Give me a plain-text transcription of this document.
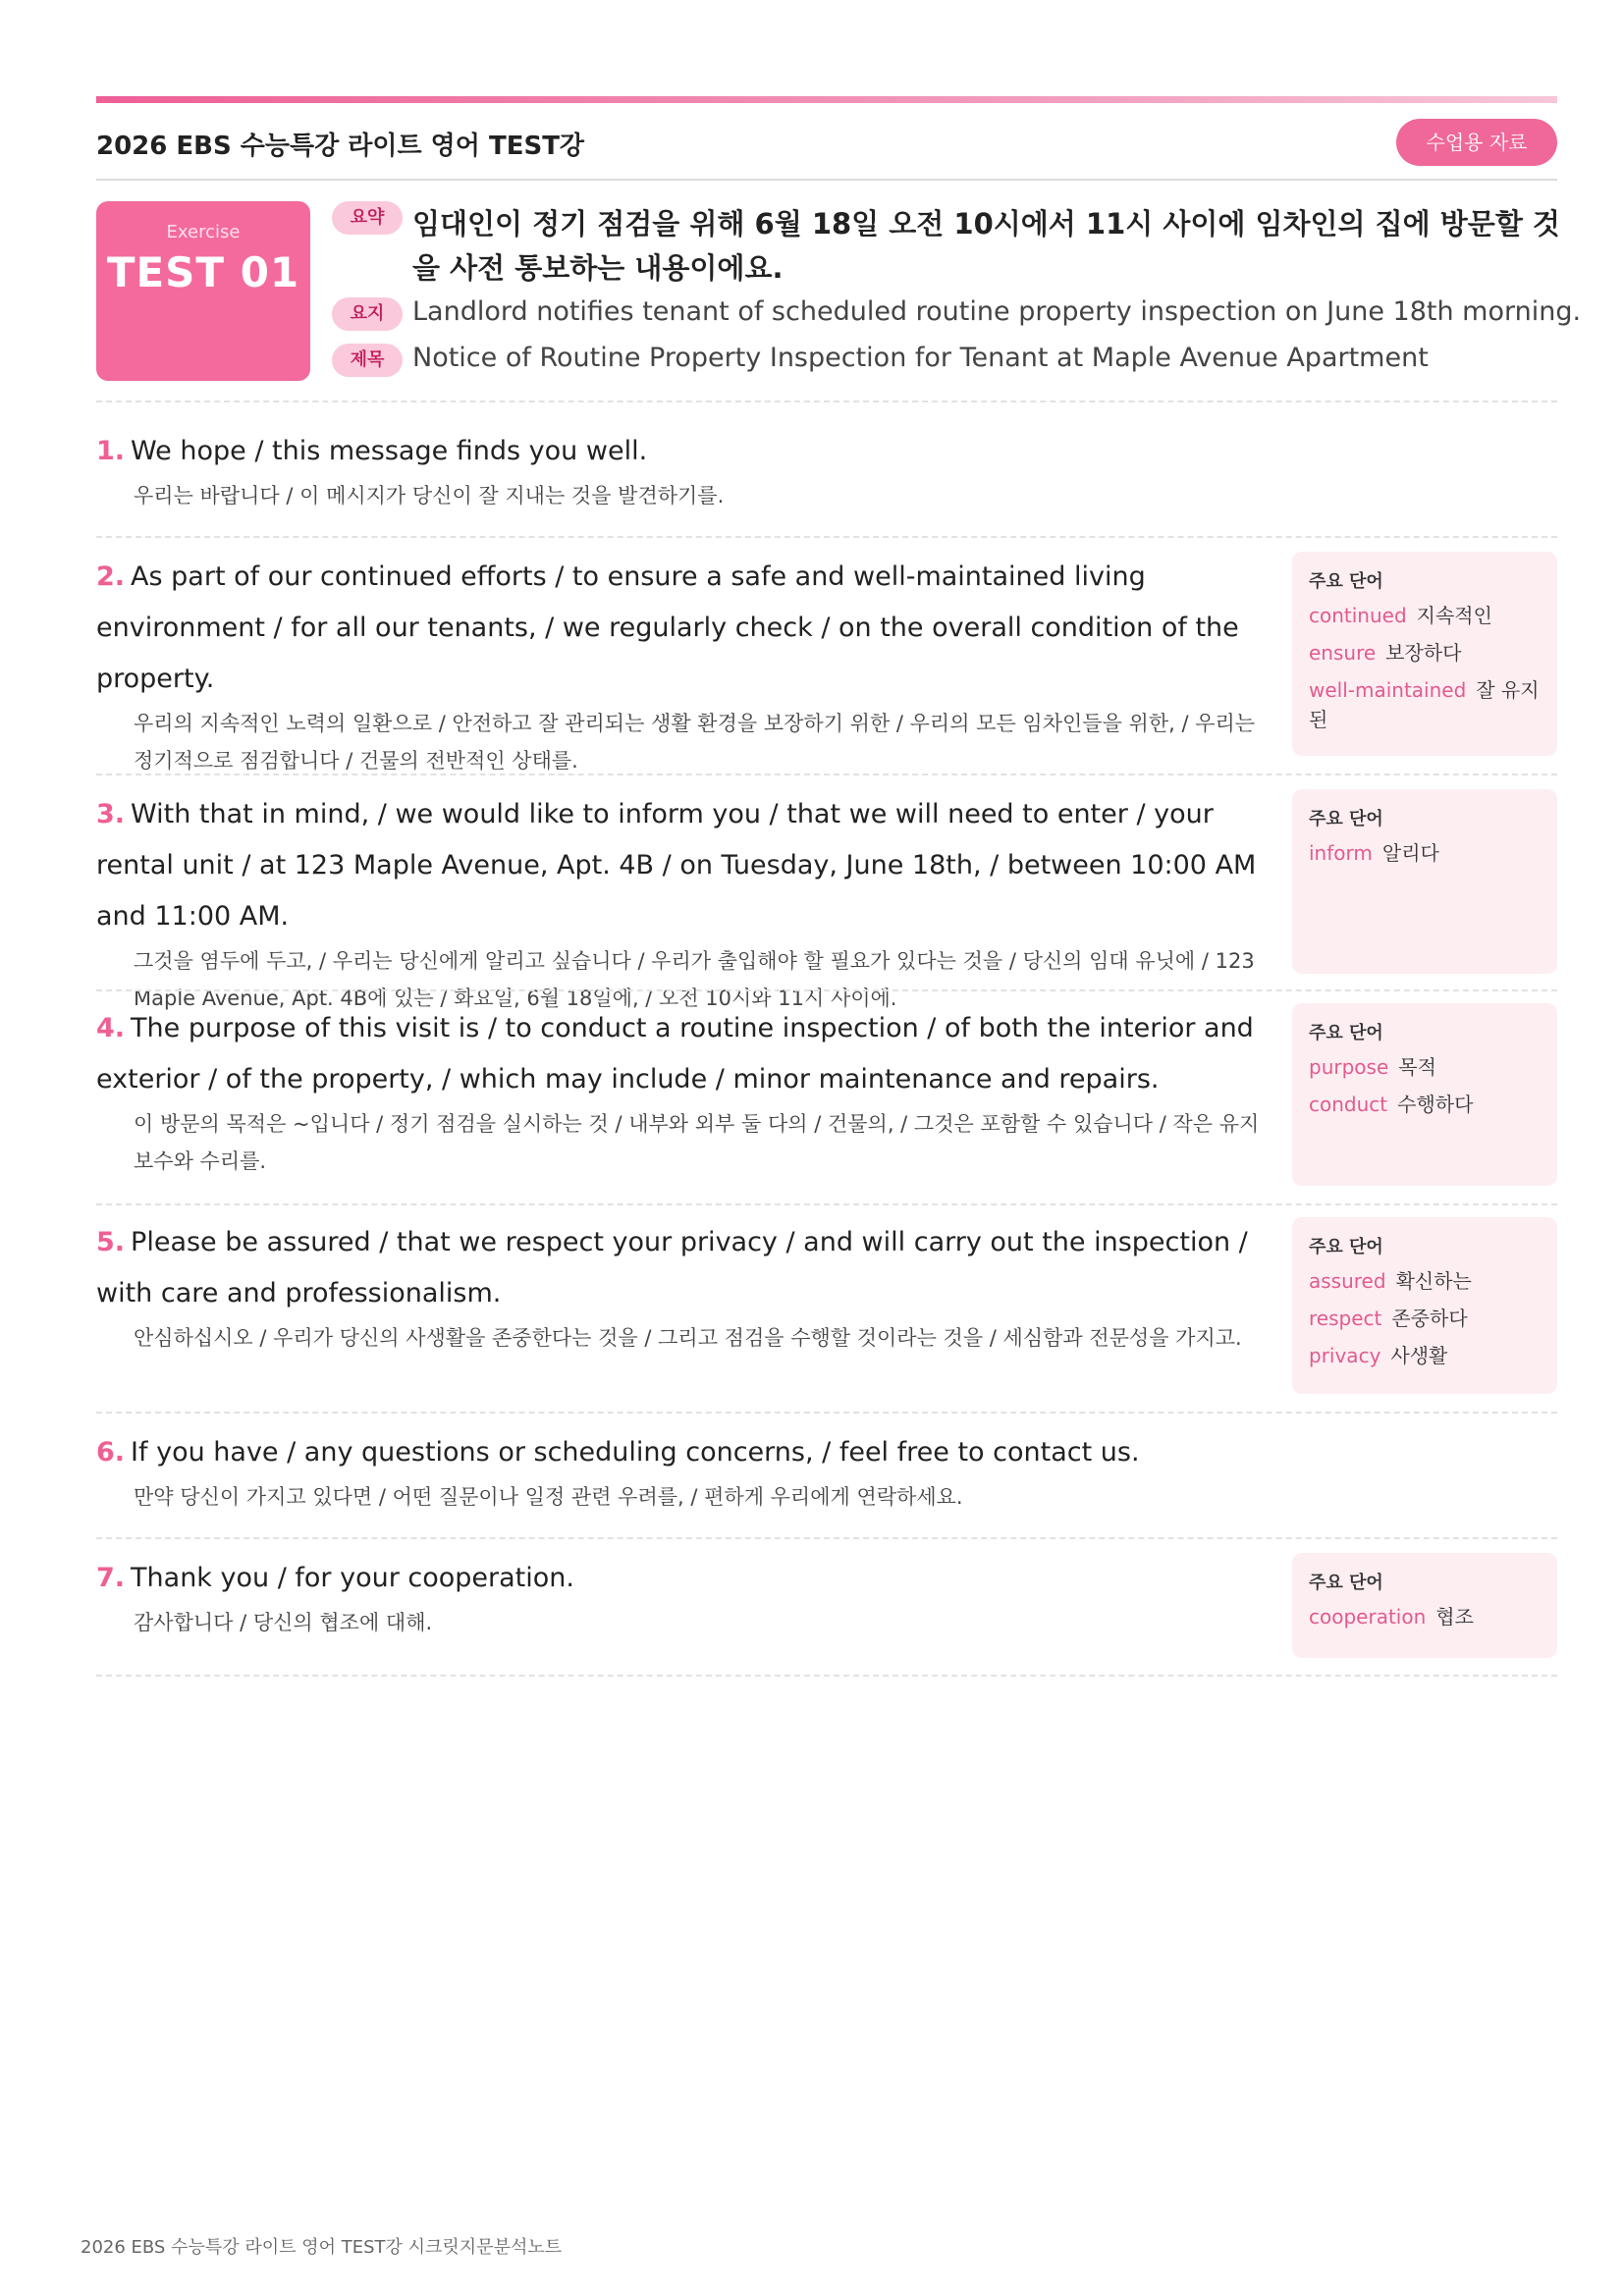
2026 EBS 수능특강 라이트 영어 TEST강	수업용 자료
Exercise
TEST 01
요약 임대인이 정기 점검을 위해 6월 18일 오전 10시에서 11시 사이에 임차인의 집에 방문할 것을 사전 통보하는 내용이에요.
요지	Landlord notifies tenant of scheduled routine property inspection on June 18th morning.
제목	Notice of Routine Property Inspection for Tenant at Maple Avenue Apartment
1. We hope / this message finds you well.
우리는 바랍니다 / 이 메시지가 당신이 잘 지내는 것을 발견하기를.
2. As part of our continued efforts / to ensure a safe and well-maintained living environment / for all our tenants, / we regularly check / on the overall condition of the property.
우리의 지속적인 노력의 일환으로 / 안전하고 잘 관리되는 생활 환경을 보장하기 위한 / 우리의 모든 임차인들을 위한, / 우리는 정기적으로 점검합니다 / 건물의 전반적인 상태를.
주요 단어
continued 지속적인
ensure 보장하다
well-maintained 잘 유지된
3. With that in mind, / we would like to inform you / that we will need to enter / your rental unit / at 123 Maple Avenue, Apt. 4B / on Tuesday, June 18th, / between 10:00 AM and 11:00 AM.
그것을 염두에 두고, / 우리는 당신에게 알리고 싶습니다 / 우리가 출입해야 할 필요가 있다는 것을 / 당신의 임대 유닛에 / 123 Maple Avenue, Apt. 4B에 있는 / 화요일, 6월 18일에, / 오전 10시와 11시 사이에.
주요 단어
inform 알리다
4. The purpose of this visit is / to conduct a routine inspection / of both the interior and exterior / of the property, / which may include / minor maintenance and repairs.
이 방문의 목적은 ~입니다 / 정기 점검을 실시하는 것 / 내부와 외부 둘 다의 / 건물의, / 그것은 포함할 수 있습니다 / 작은 유지보수와 수리를.
주요 단어
purpose 목적
conduct 수행하다
5. Please be assured / that we respect your privacy / and will carry out the inspection / with care and professionalism.
안심하십시오 / 우리가 당신의 사생활을 존중한다는 것을 / 그리고 점검을 수행할 것이라는 것을 / 세심함과 전문성을 가지고.
주요 단어
assured 확신하는
respect 존중하다
privacy 사생활
6. If you have / any questions or scheduling concerns, / feel free to contact us.
만약 당신이 가지고 있다면 / 어떤 질문이나 일정 관련 우려를, / 편하게 우리에게 연락하세요.
7. Thank you / for your cooperation.
감사합니다 / 당신의 협조에 대해.
주요 단어
cooperation 협조
2026 EBS 수능특강 라이트 영어 TEST강 시크릿지문분석노트
